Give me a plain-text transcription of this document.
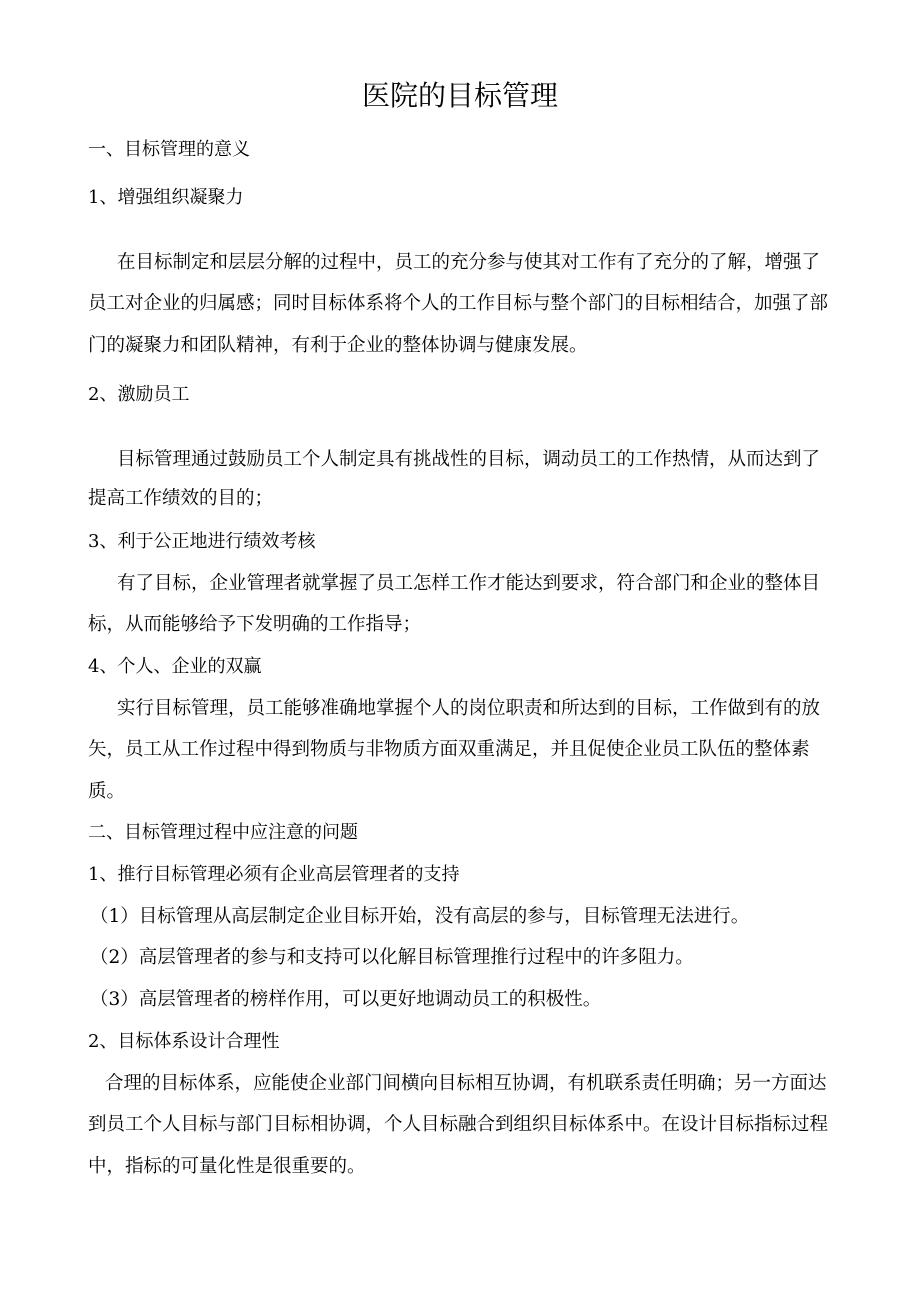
医院的目标管理
一、目标管理的意义
1、增强组织凝聚力
在目标制定和层层分解的过程中，员工的充分参与使其对工作有了充分的了解，增强了
员工对企业的归属感；同时目标体系将个人的工作目标与整个部门的目标相结合，加强了部
门的凝聚力和团队精神，有利于企业的整体协调与健康发展。
2、激励员工
目标管理通过鼓励员工个人制定具有挑战性的目标，调动员工的工作热情，从而达到了
提高工作绩效的目的；
3、利于公正地进行绩效考核
有了目标，企业管理者就掌握了员工怎样工作才能达到要求，符合部门和企业的整体目
标，从而能够给予下发明确的工作指导；
4、个人、企业的双赢
实行目标管理，员工能够准确地掌握个人的岗位职责和所达到的目标，工作做到有的放
矢，员工从工作过程中得到物质与非物质方面双重满足，并且促使企业员工队伍的整体素
质。
二、目标管理过程中应注意的问题
1、推行目标管理必须有企业高层管理者的支持
（1）目标管理从高层制定企业目标开始，没有高层的参与，目标管理无法进行。
（2）高层管理者的参与和支持可以化解目标管理推行过程中的许多阻力。
（3）高层管理者的榜样作用，可以更好地调动员工的积极性。
2、目标体系设计合理性
合理的目标体系，应能使企业部门间横向目标相互协调，有机联系责任明确；另一方面达
到员工个人目标与部门目标相协调，个人目标融合到组织目标体系中。在设计目标指标过程
中，指标的可量化性是很重要的。
